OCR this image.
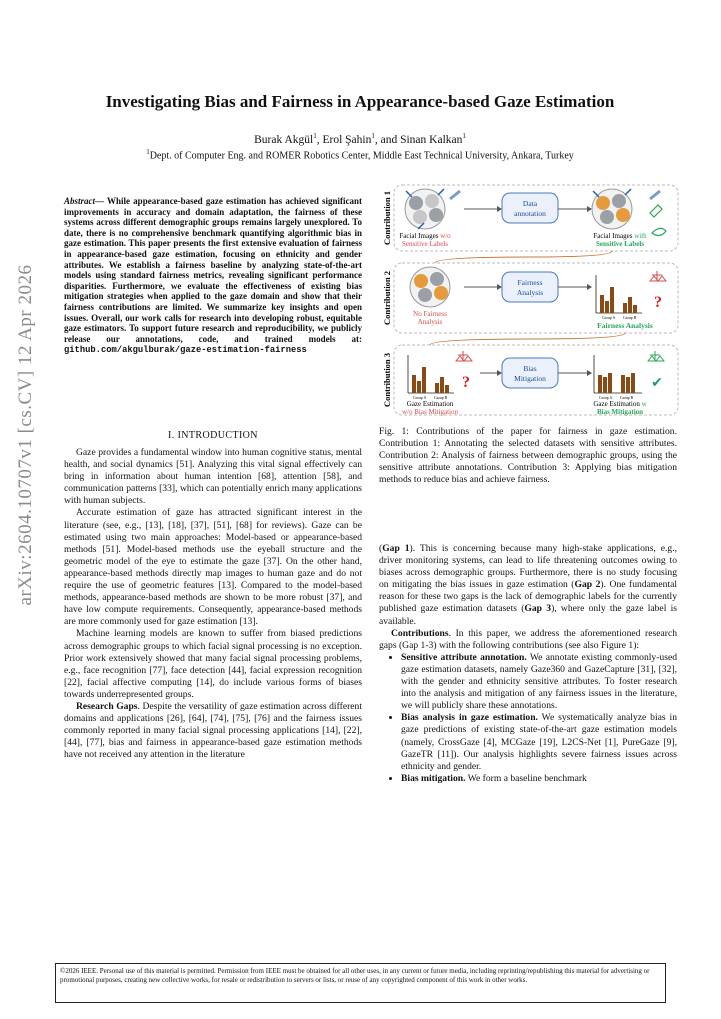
arXiv:2604.10707v1 [cs.CV] 12 Apr 2026
Investigating Bias and Fairness in Appearance-based Gaze Estimation
Burak Akgül$^1$, Erol Şahin$^1$, and Sinan Kalkan$^1$
$^1$Dept. of Computer Eng. and ROMER Robotics Center, Middle East Technical University, Ankara, Turkey
Abstract— While appearance-based gaze estimation has achieved significant improvements in accuracy and domain adaptation, the fairness of these systems across different demographic groups remains largely unexplored. To date, there is no comprehensive benchmark quantifying algorithmic bias in gaze estimation. This paper presents the first extensive evaluation of fairness in appearance-based gaze estimation, focusing on ethnicity and gender attributes. We establish a fairness baseline by analyzing state-of-the-art models using standard fairness metrics, revealing significant performance disparities. Furthermore, we evaluate the effectiveness of existing bias mitigation strategies when applied to the gaze domain and show that their fairness contributions are limited. We summarize key insights and open issues. Overall, our work calls for research into developing robust, equitable gaze estimators. To support future research and reproducibility, we publicly release our annotations, code, and trained models at: github.com/akgulburak/gaze-estimation-fairness
I. INTRODUCTION

Gaze provides a fundamental window into human cognitive status, mental health, and social dynamics [51]. Analyzing this vital signal effectively can bring in information about human intention [68], attention [58], and communication patterns [33], which can potentially enrich many applications with human subjects.

Accurate estimation of gaze has attracted significant interest in the literature (see, e.g., [13], [18], [37], [51], [68] for reviews). Gaze can be estimated using two main approaches: Model-based or appearance-based methods [51]. Model-based methods use the eyeball structure and the geometric model of the eye to estimate the gaze [37]. On the other hand, appearance-based methods directly map images to human gaze and do not require the use of geometric features [13]. Compared to the model-based methods, appearance-based methods are shown to be more robust [37], and have low compute requirements. Consequently, appearance-based methods are more commonly used for gaze estimation [13].

Machine learning models are known to suffer from biased predictions across demographic groups to which facial signal processing is no exception. Prior work extensively showed that many facial signal processing problems, e.g., face recognition [77], face detection [44], facial expression recognition [22], facial affective computing [14], do include various forms of biases towards underrepresented groups.

Research Gaps. Despite the versatility of gaze estimation across different domains and applications [26], [64], [74], [75], [76] and the fairness issues commonly reported in many facial signal processing applications [14], [22], [44], [77], bias and fairness in appearance-based gaze estimation methods have not received any attention in the literature

Contribution 1
Contribution 2
Contribution 3
Data
annotation
Facial Images w/o
Sensitive Labels
Facial Images with
Sensitive Labels
Fairness
Analysis
Group A Group B
?
No Fairness
Analysis	Fairness Analysis
Group A Group B
?
Bias
Mitigation
Group A Group B
✔
Gaze Estimation
w/o Bias Mitigation
Gaze Estimation w
Bias Mitigation
Fig. 1: Contributions of the paper for fairness in gaze estimation. Contribution 1: Annotating the selected datasets with sensitive attributes. Contribution 2: Analysis of fairness between demographic groups, using the sensitive attribute annotations. Contribution 3: Applying bias mitigation methods to reduce bias and achieve fairness.

(Gap 1). This is concerning because many high-stake applications, e.g., driver monitoring systems, can lead to life threatening outcomes owing to biases across demographic groups. Furthermore, there is no study focusing on mitigating the bias issues in gaze estimation (Gap 2). One fundamental reason for these two gaps is the lack of demographic labels for the currently published gaze estimation datasets (Gap 3), where only the gaze label is available.

Contributions. In this paper, we address the aforementioned research gaps (Gap 1-3) with the following contributions (see also Figure 1):

• Sensitive attribute annotation. We annotate existing commonly-used gaze estimation datasets, namely Gaze360 and GazeCapture [31], [32], with the gender and ethnicity sensitive attributes. To foster research into the analysis and mitigation of any fairness issues in the literature, we will publicly share these annotations.
• Bias analysis in gaze estimation. We systematically analyze bias in gaze predictions of existing state-of-the-art gaze estimation models (namely, CrossGaze [4], MCGaze [19], L2CS-Net [1], PureGaze [9], GazeTR [11]). Our analysis highlights severe fairness issues across ethnicity and gender.
• Bias mitigation. We form a baseline benchmark
©2026 IEEE. Personal use of this material is permitted. Permission from IEEE must be obtained for all other uses, in any current or future media, including reprinting/republishing this material for advertising or promotional purposes, creating new collective works, for resale or redistribution to servers or lists, or reuse of any copyrighted component of this work in other works.
